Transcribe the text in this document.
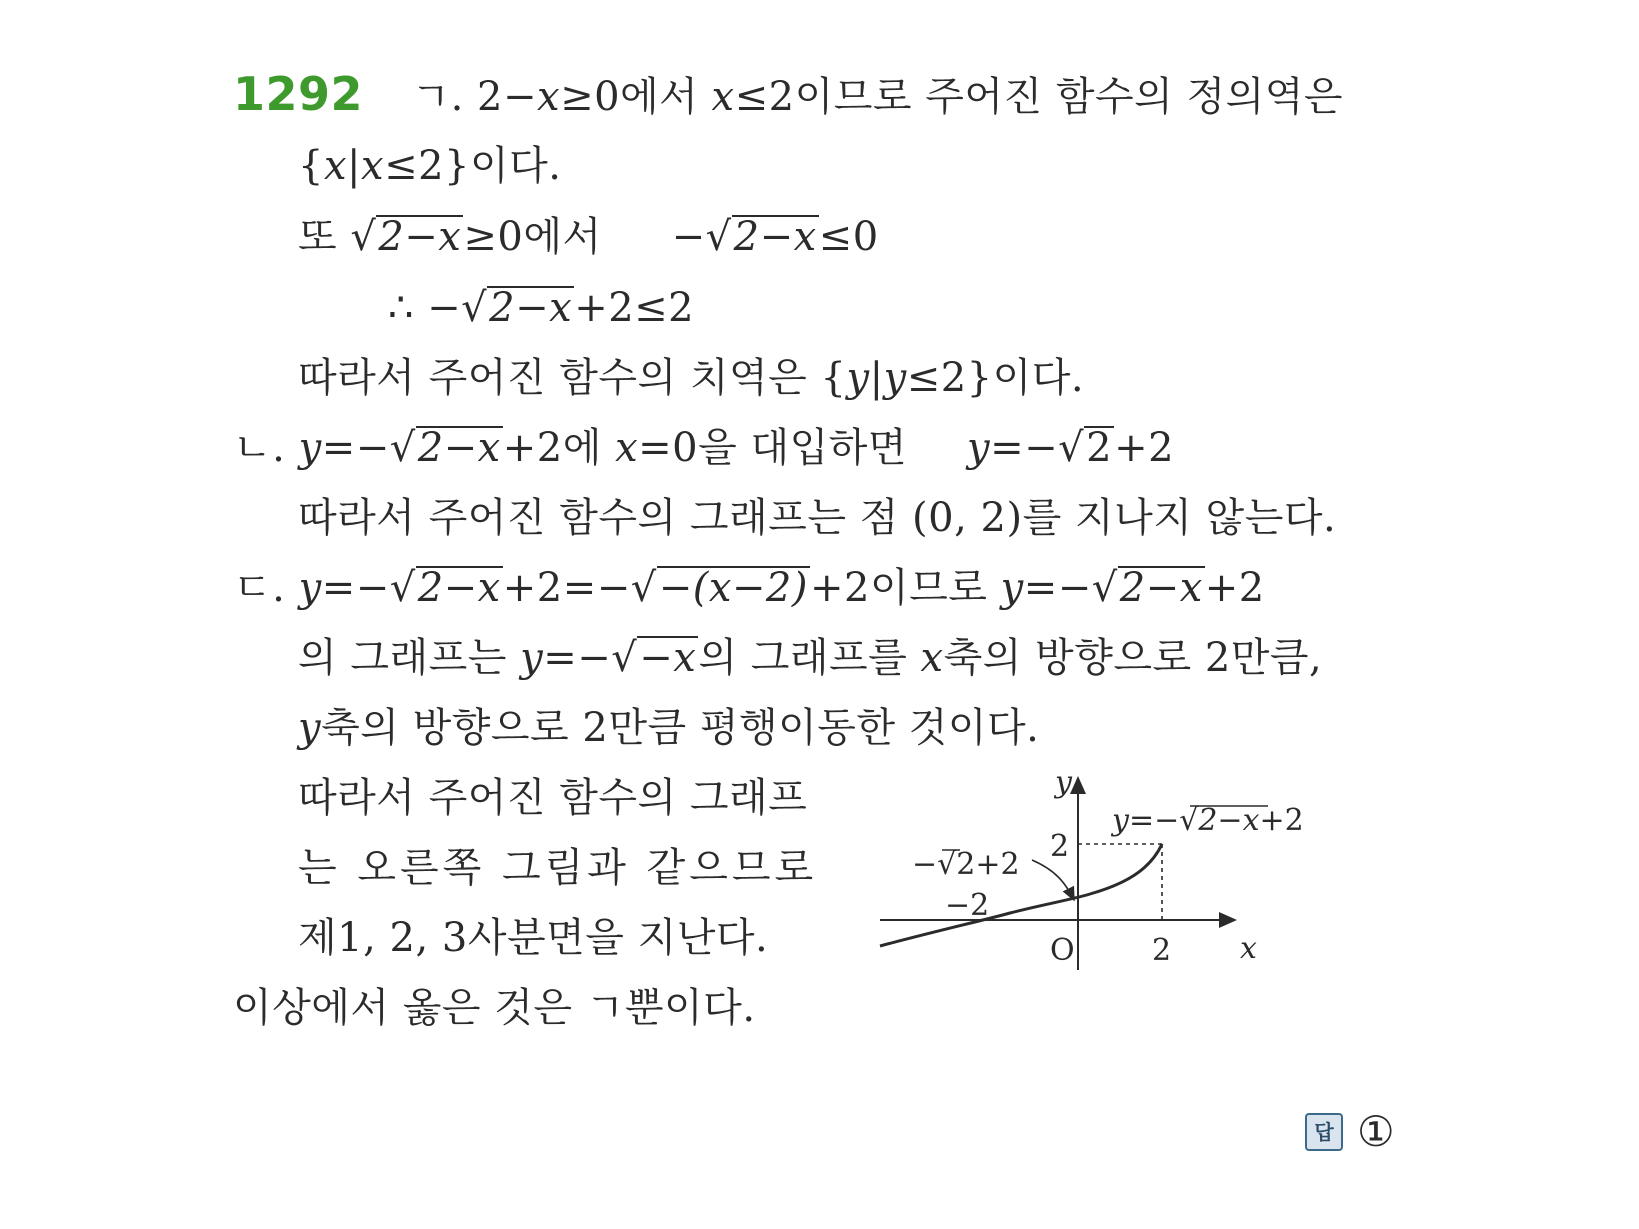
1292 ㄱ. 2−x≥0에서 x≤2이므로 주어진 함수의 정의역은
{x|x≤2}이다.
또 √2−x≥0에서 −√2−x≤0
∴ −√2−x+2≤2
따라서 주어진 함수의 치역은 {y|y≤2}이다.
ㄴ. y=−√2−x+2에 x=0을 대입하면 y=−√2+2
따라서 주어진 함수의 그래프는 점 (0, 2)를 지나지 않는다.
ㄷ. y=−√2−x+2=−√−(x−2)+2이므로 y=−√2−x+2
의 그래프는 y=−√−x의 그래프를 x축의 방향으로 2만큼,
y축의 방향으로 2만큼 평행이동한 것이다.
따라서 주어진 함수의 그래프
는 오른쪽 그림과 같으므로
제1, 2, 3사분면을 지난다.
이상에서 옳은 것은 ㄱ뿐이다.
y
x
O
2
2
−2
−√2+2
y=−√2−x+2
답 ①
